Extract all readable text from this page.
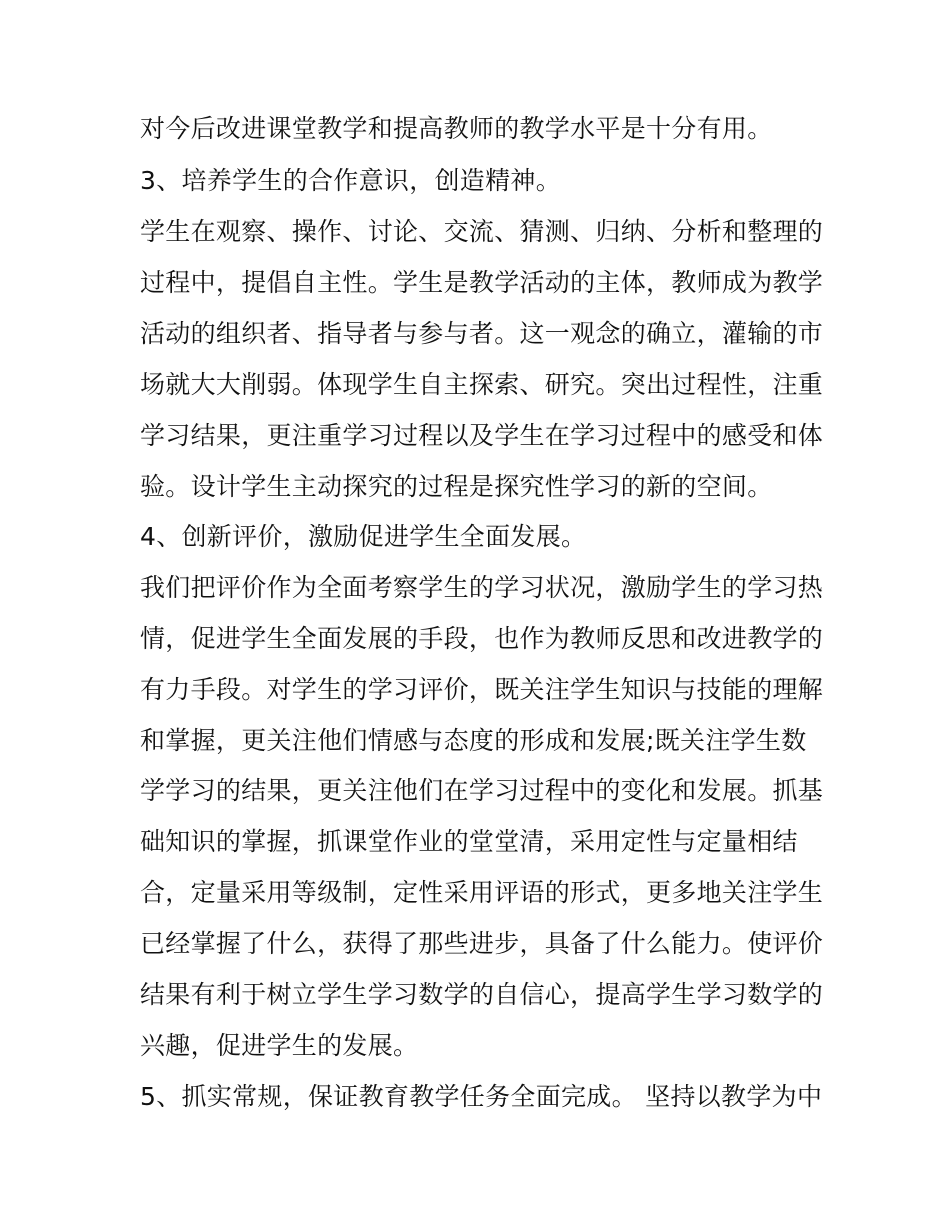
对今后改进课堂教学和提高教师的教学水平是十分有用。
3、培养学生的合作意识，创造精神。
学生在观察、操作、讨论、交流、猜测、归纳、分析和整理的
过程中，提倡自主性。学生是教学活动的主体，教师成为教学
活动的组织者、指导者与参与者。这一观念的确立，灌输的市
场就大大削弱。体现学生自主探索、研究。突出过程性，注重
学习结果，更注重学习过程以及学生在学习过程中的感受和体
验。设计学生主动探究的过程是探究性学习的新的空间。
4、创新评价，激励促进学生全面发展。
我们把评价作为全面考察学生的学习状况，激励学生的学习热
情，促进学生全面发展的手段，也作为教师反思和改进教学的
有力手段。对学生的学习评价，既关注学生知识与技能的理解
和掌握，更关注他们情感与态度的形成和发展;既关注学生数
学学习的结果，更关注他们在学习过程中的变化和发展。抓基
础知识的掌握，抓课堂作业的堂堂清，采用定性与定量相结
合，定量采用等级制，定性采用评语的形式，更多地关注学生
已经掌握了什么，获得了那些进步，具备了什么能力。使评价
结果有利于树立学生学习数学的自信心，提高学生学习数学的
兴趣，促进学生的发展。
5、抓实常规，保证教育教学任务全面完成。 坚持以教学为中
